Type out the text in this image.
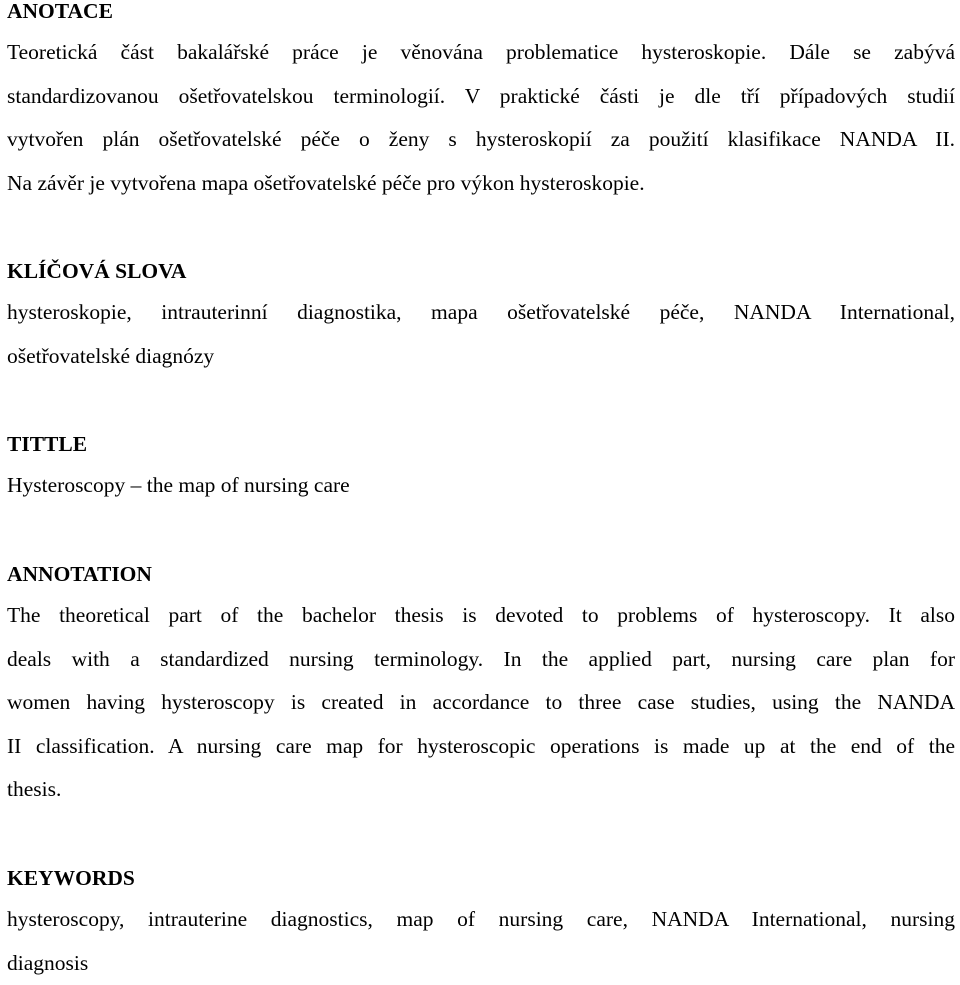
ANOTACE
Teoretická část bakalářské práce je věnována problematice hysteroskopie. Dále se zabývá
standardizovanou ošetřovatelskou terminologií. V praktické části je dle tří případových studií
vytvořen plán ošetřovatelské péče o ženy s hysteroskopií za použití klasifikace NANDA II.
Na závěr je vytvořena mapa ošetřovatelské péče pro výkon hysteroskopie.
KLÍČOVÁ SLOVA
hysteroskopie, intrauterinní diagnostika, mapa ošetřovatelské péče, NANDA International,
ošetřovatelské diagnózy
TITTLE
Hysteroscopy – the map of nursing care
ANNOTATION
The theoretical part of the bachelor thesis is devoted to problems of hysteroscopy. It also
deals with a standardized nursing terminology. In the applied part, nursing care plan for
women having hysteroscopy is created in accordance to three case studies, using the NANDA
II classification. A nursing care map for hysteroscopic operations is made up at the end of the
thesis.
KEYWORDS
hysteroscopy, intrauterine diagnostics, map of nursing care, NANDA International, nursing
diagnosis
